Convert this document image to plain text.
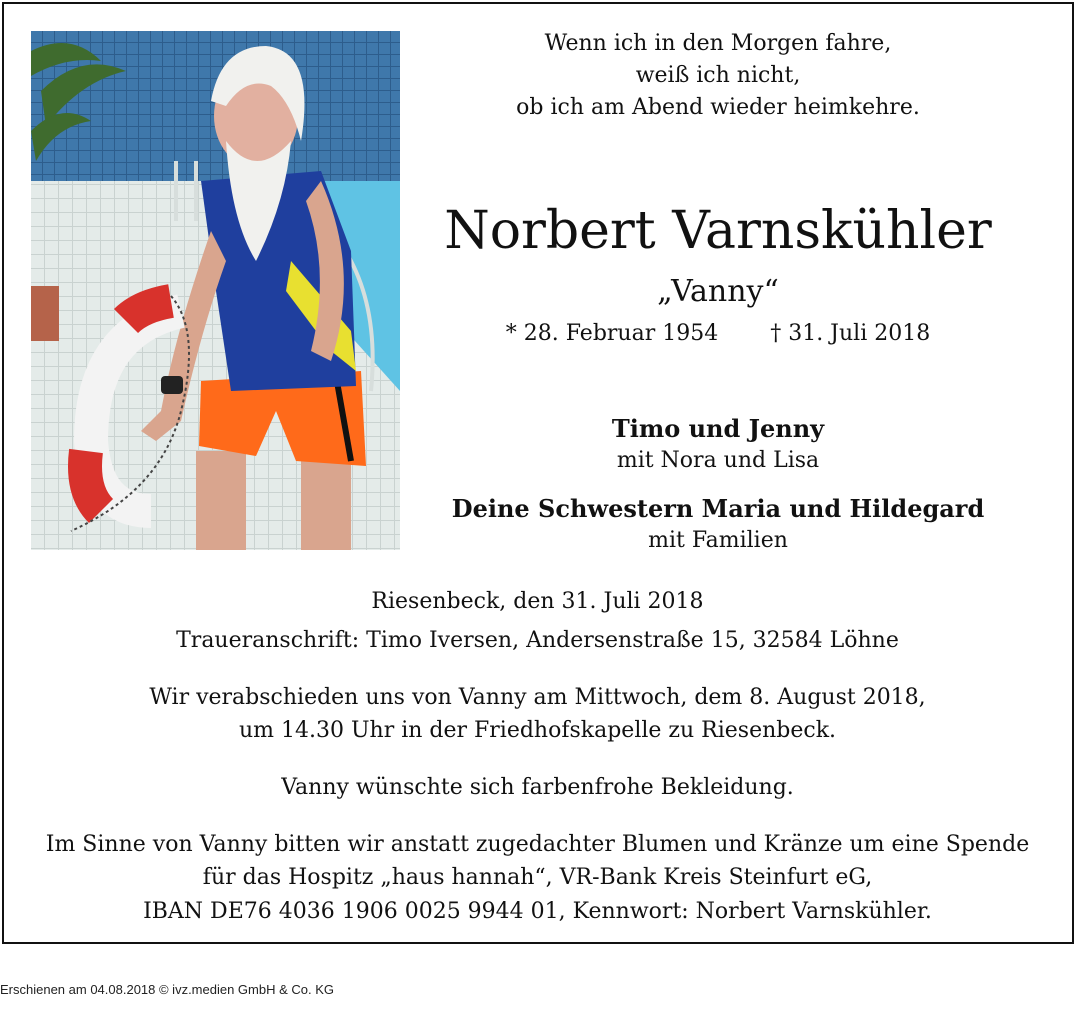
Wenn ich in den Morgen fahre,
weiß ich nicht,
ob ich am Abend wieder heimkehre.
Norbert Varnskühler
„Vanny“
* 28. Februar 1954 † 31. Juli 2018
Timo und Jenny
mit Nora und Lisa
Deine Schwestern Maria und Hildegard
mit Familien
Riesenbeck, den 31. Juli 2018
Traueranschrift: Timo Iversen, Andersenstraße 15, 32584 Löhne
Wir verabschieden uns von Vanny am Mittwoch, dem 8. August 2018,
um 14.30 Uhr in der Friedhofskapelle zu Riesenbeck.
Vanny wünschte sich farbenfrohe Bekleidung.
Im Sinne von Vanny bitten wir anstatt zugedachter Blumen und Kränze um eine Spende
für das Hospitz „haus hannah“, VR-Bank Kreis Steinfurt eG,
IBAN DE76 4036 1906 0025 9944 01, Kennwort: Norbert Varnskühler.
Erschienen am 04.08.2018 © ivz.medien GmbH & Co. KG
